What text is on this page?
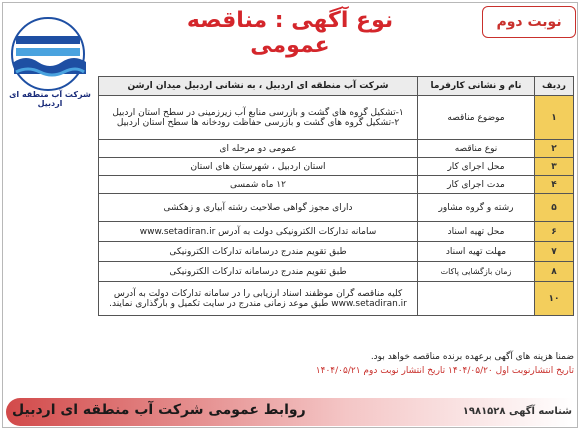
نوبت دوم
نوع آگهی : مناقصه عمومی
شرکت آب منطقه ای اردبیل
ردیف	نام و نشانی کارفرما	شرکت آب منطقه ای اردبیل ، به نشانی اردبیل میدان ارشن
۱	موضوع مناقصه	۱-تشکیل گروه های گشت و بازرسی منابع آب زیرزمینی در سطح استان اردبیل
۲-تشکیل گروه های گشت و بازرسی حفاظت رودخانه ها سطح استان اردبیل
۲	نوع مناقصه	عمومی دو مرحله ای
۳	محل اجرای کار	استان اردبیل ، شهرستان های استان
۴	مدت اجرای کار	۱۲ ماه شمسی
۵	رشته و گروه مشاور	دارای مجوز گواهی صلاحیت رشته آبیاری و زهکشی
۶	محل تهیه اسناد	سامانه تدارکات الکترونیکی دولت به آدرس www.setadiran.ir
۷	مهلت تهیه اسناد	طبق تقویم مندرج درسامانه تدارکات الکترونیکی
۸	زمان بازگشایی پاکات	طبق تقویم مندرج درسامانه تدارکات الکترونیکی
۱۰		کلیه مناقصه گران موظفند اسناد ارزیابی را در سامانه تدارکات دولت به آدرس
www.setadiran.ir طبق موعد زمانی مندرج در سایت تکمیل و بارگذاری نمایند.
ضمنا هزینه های آگهی برعهده برنده مناقصه خواهد بود.
تاریخ انتشارنوبت اول ۱۴۰۴/۰۵/۲۰ تاریخ انتشار نوبت دوم ۱۴۰۴/۰۵/۲۱
روابط عمومی شرکت آب منطقه ای اردبیل	شناسه آگهی ۱۹۸۱۵۲۸
